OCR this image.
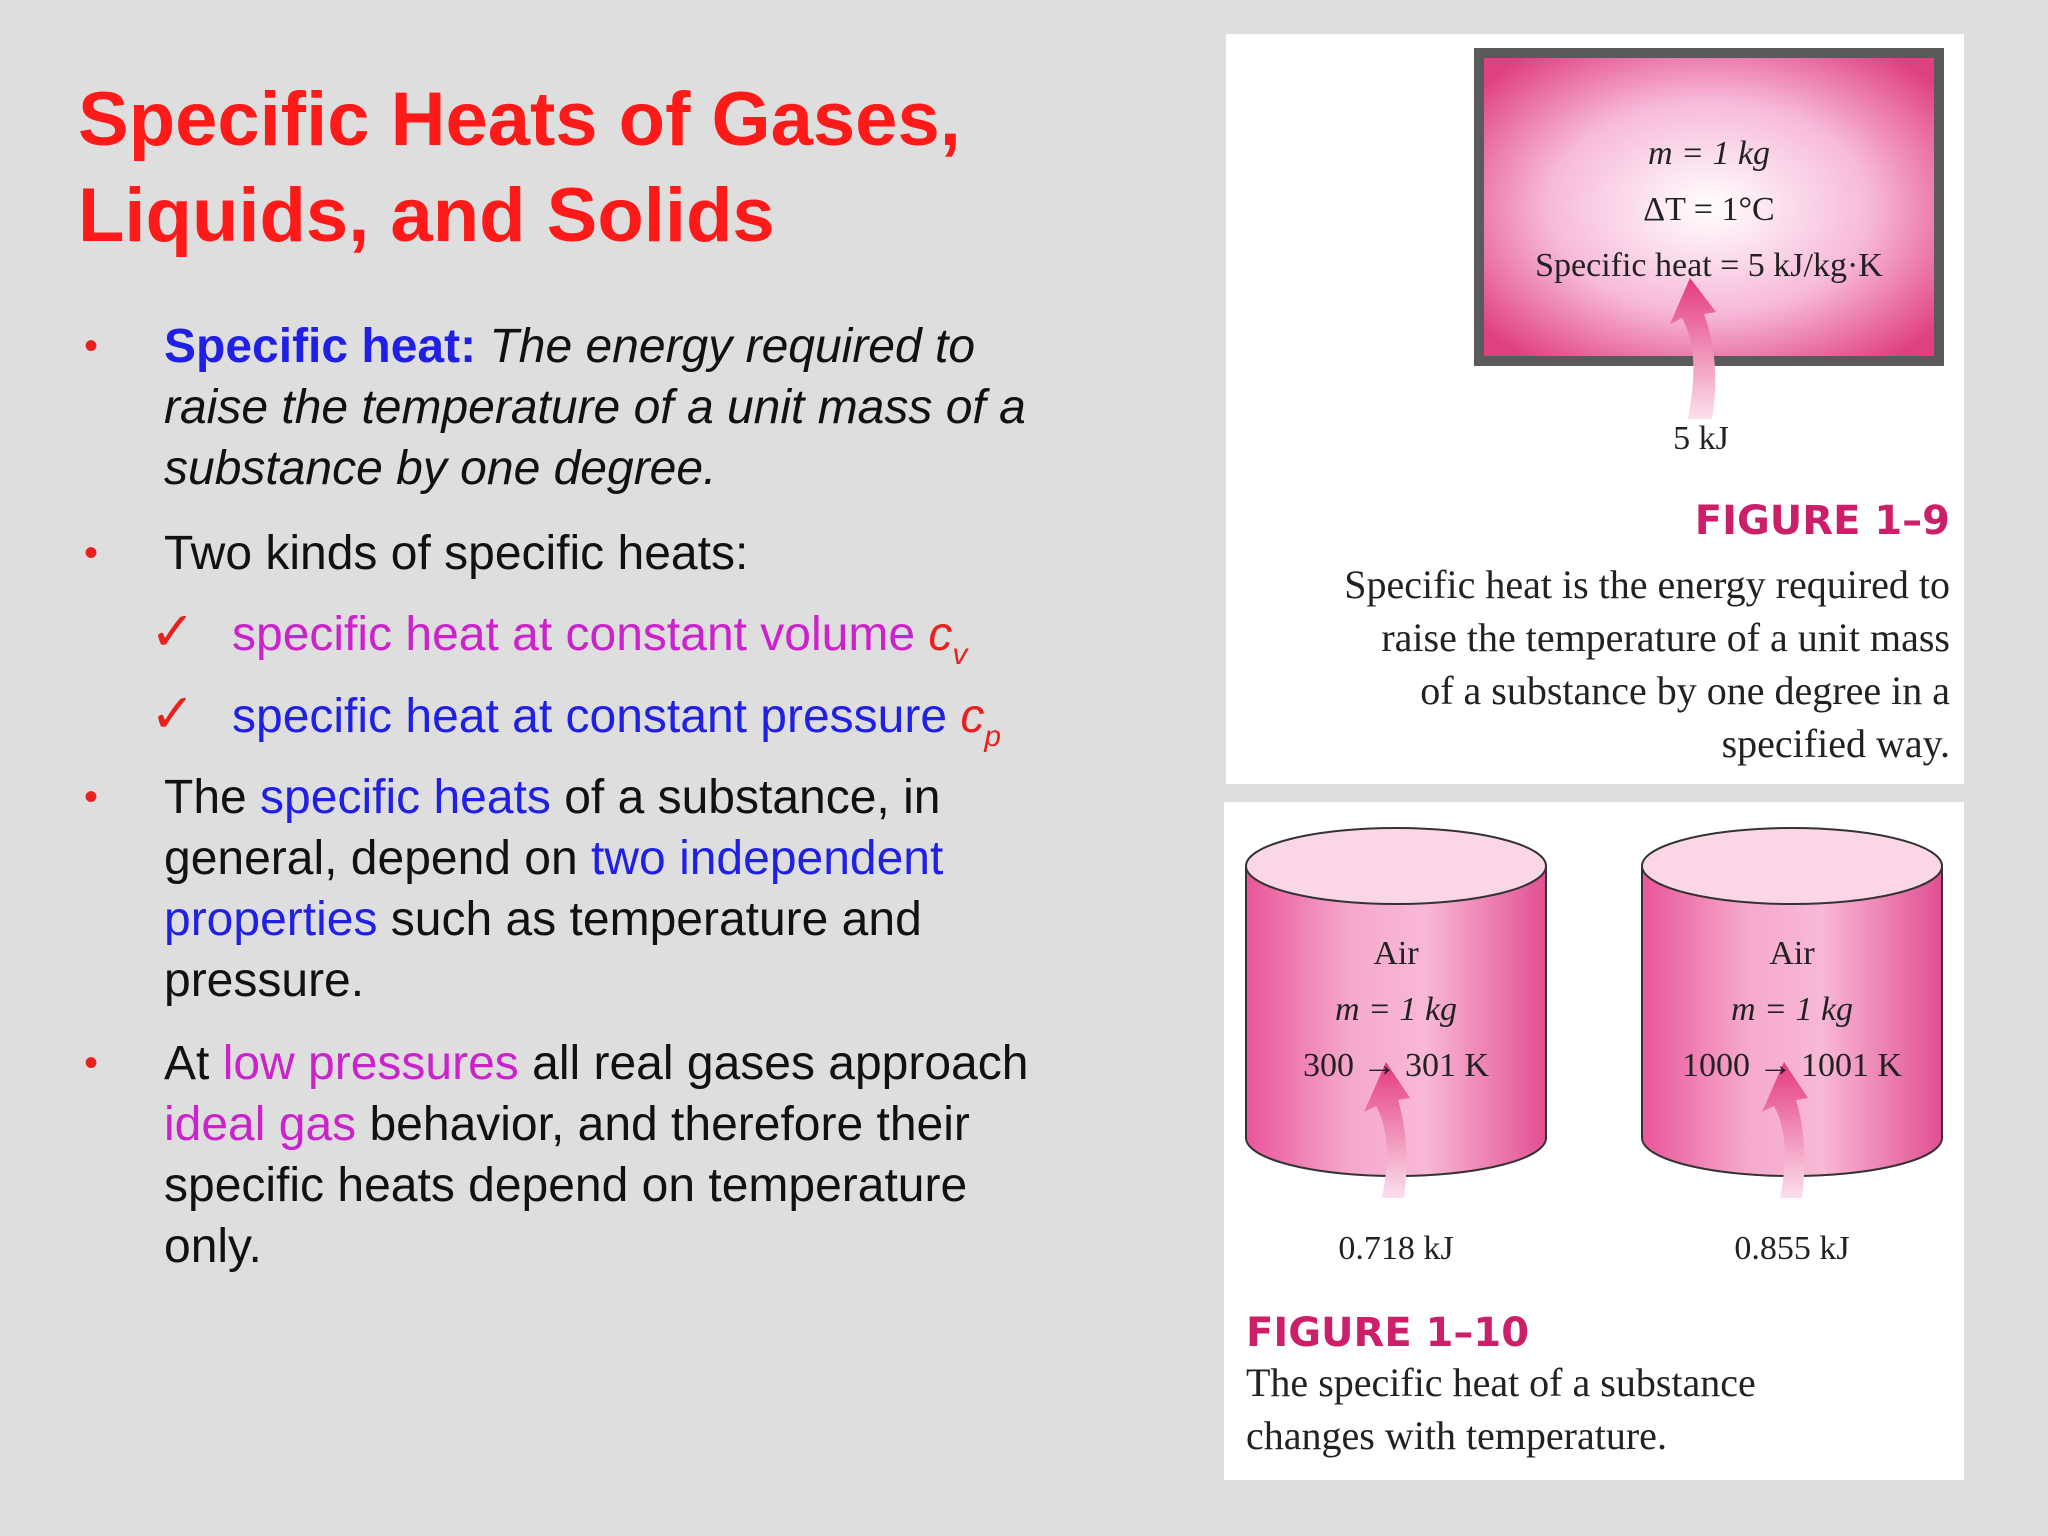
Specific Heats of Gases,
Liquids, and Solids
• Specific heat: The energy required to
raise the temperature of a unit mass of a
substance by one degree.
• Two kinds of specific heats:
✓ specific heat at constant volume $c_v$
✓ specific heat at constant pressure $c_p$
• The specific heats of a substance, in
general, depend on two independent
properties such as temperature and
pressure.
• At low pressures all real gases approach
ideal gas behavior, and therefore their
specific heats depend on temperature
only.
m = 1 kg
ΔT = 1°C
Specific heat = 5 kJ/kg·K
5 kJ
FIGURE 1–9
Specific heat is the energy required to
raise the temperature of a unit mass
of a substance by one degree in a
specified way.
Air
m = 1 kg
300 → 301 K
Air
m = 1 kg
1000 → 1001 K
0.718 kJ	0.855 kJ
FIGURE 1–10
The specific heat of a substance
changes with temperature.
